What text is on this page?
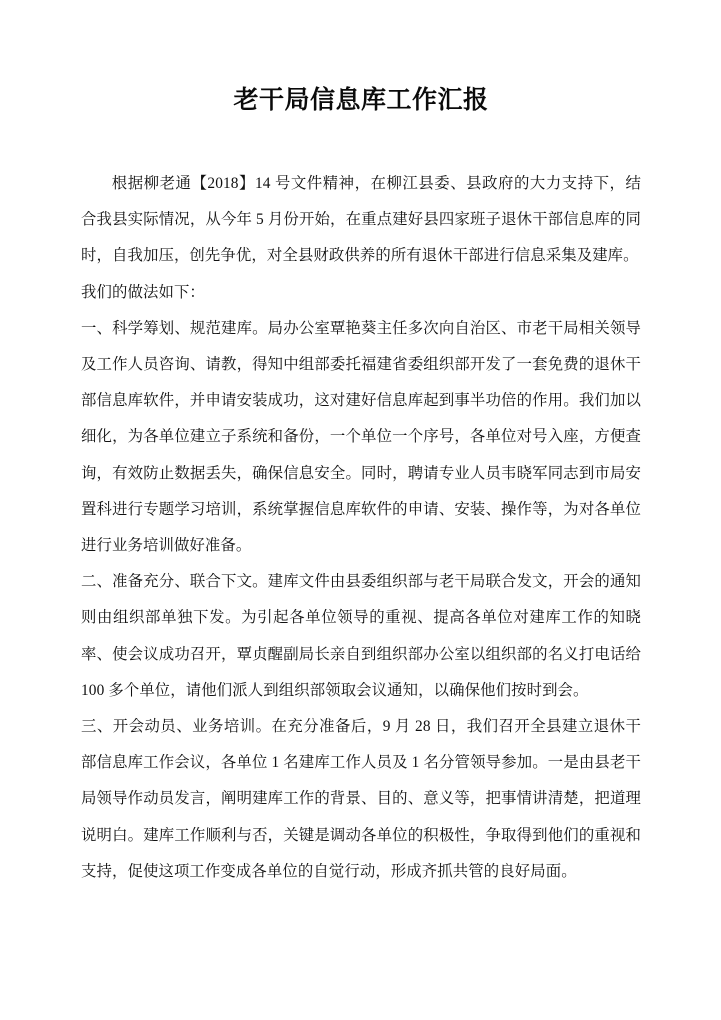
老干局信息库工作汇报

根据柳老通【2018】14 号文件精神，在柳江县委、县政府的大力支持下，结合我县实际情况，从今年 5 月份开始，在重点建好县四家班子退休干部信息库的同时，自我加压，创先争优，对全县财政供养的所有退休干部进行信息采集及建库。

我们的做法如下：

一、科学筹划、规范建库。局办公室覃艳葵主任多次向自治区、市老干局相关领导及工作人员咨询、请教，得知中组部委托福建省委组织部开发了一套免费的退休干部信息库软件，并申请安装成功，这对建好信息库起到事半功倍的作用。我们加以细化，为各单位建立子系统和备份，一个单位一个序号，各单位对号入座，方便查询，有效防止数据丢失，确保信息安全。同时，聘请专业人员韦晓军同志到市局安置科进行专题学习培训，系统掌握信息库软件的申请、安装、操作等，为对各单位进行业务培训做好准备。

二、准备充分、联合下文。建库文件由县委组织部与老干局联合发文，开会的通知则由组织部单独下发。为引起各单位领导的重视、提高各单位对建库工作的知晓率、使会议成功召开，覃贞醒副局长亲自到组织部办公室以组织部的名义打电话给 100 多个单位，请他们派人到组织部领取会议通知，以确保他们按时到会。

三、开会动员、业务培训。在充分准备后，9 月 28 日，我们召开全县建立退休干部信息库工作会议，各单位 1 名建库工作人员及 1 名分管领导参加。一是由县老干局领导作动员发言，阐明建库工作的背景、目的、意义等，把事情讲清楚，把道理说明白。建库工作顺利与否，关键是调动各单位的积极性，争取得到他们的重视和支持，促使这项工作变成各单位的自觉行动，形成齐抓共管的良好局面。
